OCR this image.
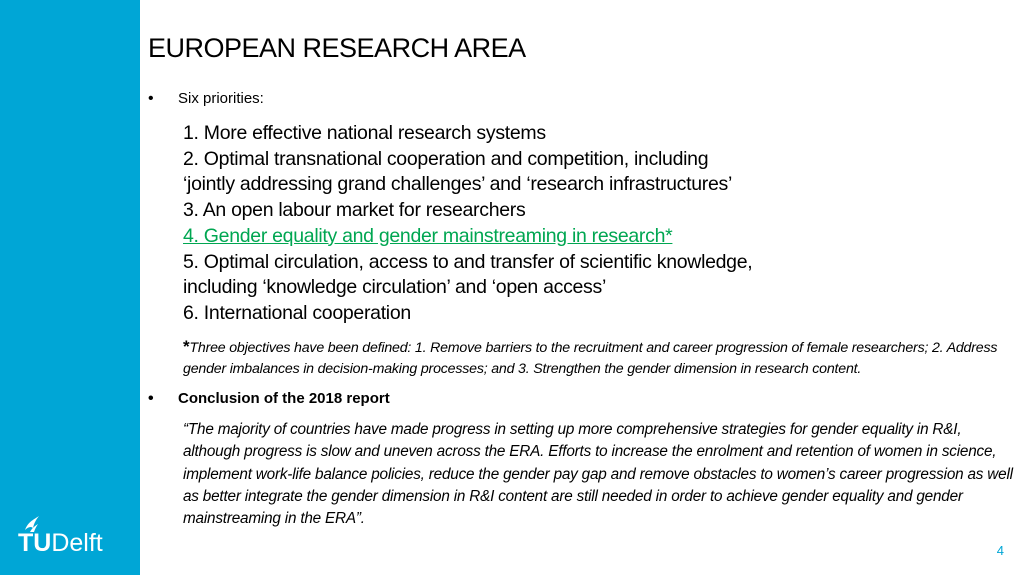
TUDelft
EUROPEAN RESEARCH AREA
• Six priorities:
1. More effective national research systems
2. Optimal transnational cooperation and competition, including
‘jointly addressing grand challenges’ and ‘research infrastructures’
3. An open labour market for researchers
4. Gender equality and gender mainstreaming in research*
5. Optimal circulation, access to and transfer of scientific knowledge,
including ‘knowledge circulation’ and ‘open access’
6. International cooperation
*Three objectives have been defined: 1. Remove barriers to the recruitment and career progression of female researchers; 2. Address gender imbalances in decision-making processes; and 3. Strengthen the gender dimension in research content.
• Conclusion of the 2018 report
“The majority of countries have made progress in setting up more comprehensive strategies for gender equality in R&I, although progress is slow and uneven across the ERA. Efforts to increase the enrolment and retention of women in science, implement work-life balance policies, reduce the gender pay gap and remove obstacles to women’s career progression as well as better integrate the gender dimension in R&I content are still needed in order to achieve gender equality and gender mainstreaming in the ERA”.
4
